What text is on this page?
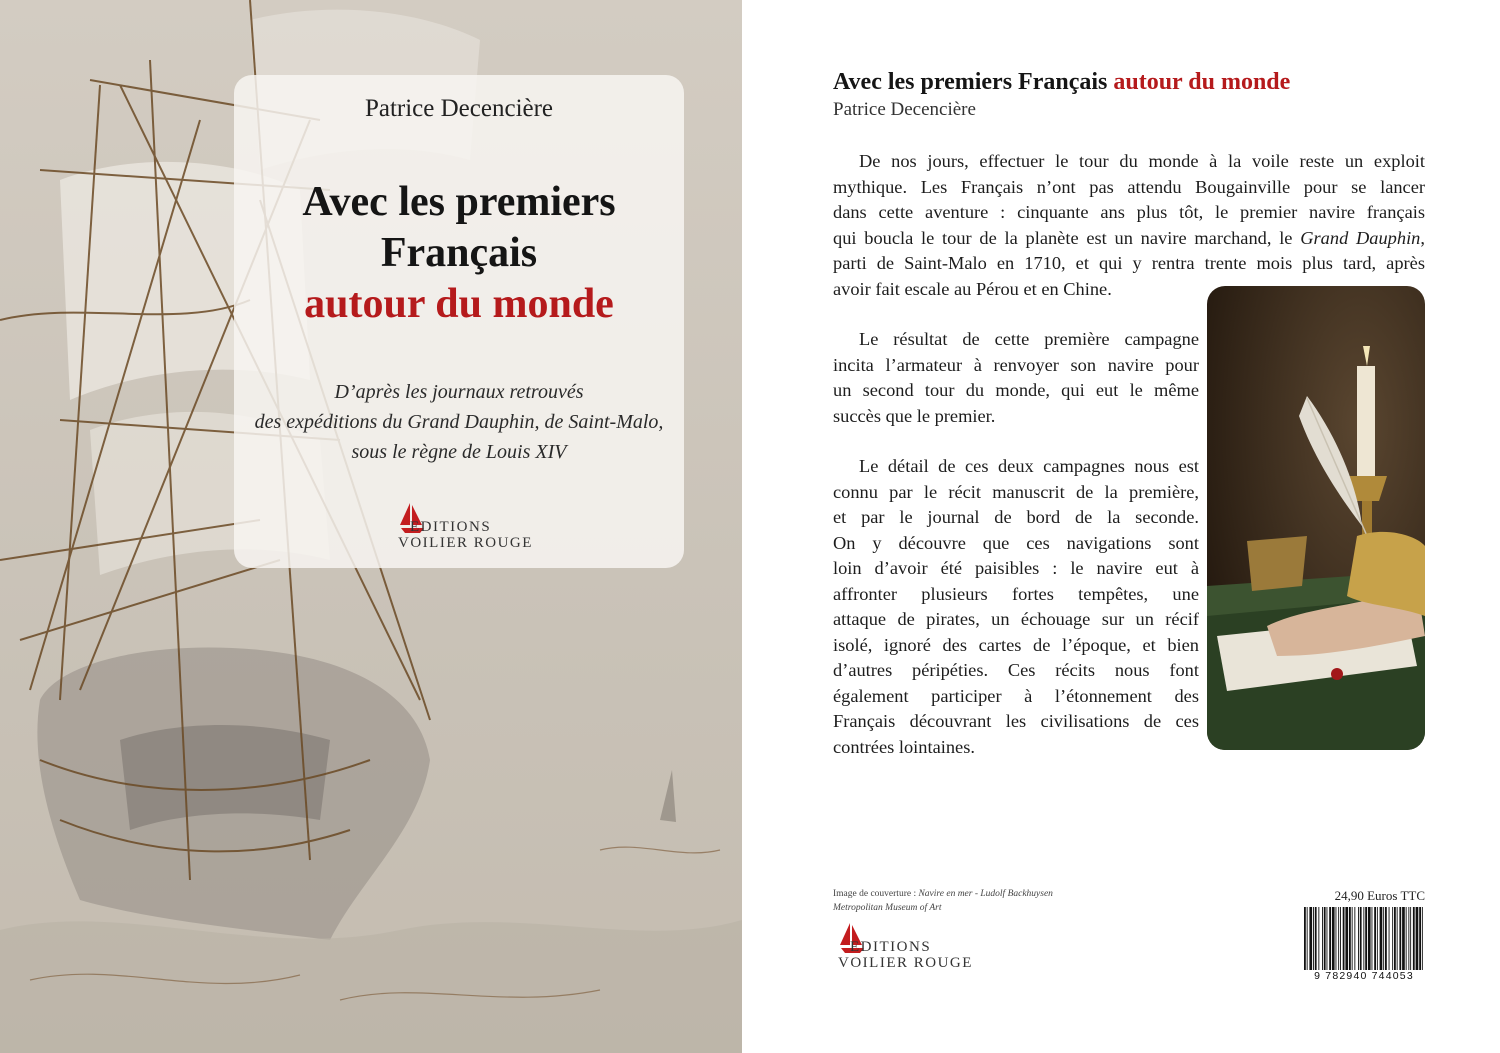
Patrice Decencière
Avec les premiers
Français
autour du monde
D’après les journaux retrouvés
des expéditions du Grand Dauphin, de Saint-Malo,
sous le règne de Louis XIV
EDITIONS
VOILIER ROUGE
Avec les premiers Français autour du monde
Patrice Decencière
De nos jours, effectuer le tour du monde à la voile reste un exploit
mythique. Les Français n’ont pas attendu Bougainville pour se lancer
dans cette aventure : cinquante ans plus tôt, le premier navire français
qui boucla le tour de la planète est un navire marchand, le Grand Dauphin,
parti de Saint-Malo en 1710, et qui y rentra trente mois plus tard, après
avoir fait escale au Pérou et en Chine.
Le résultat de cette première campagne
incita l’armateur à renvoyer son navire pour
un second tour du monde, qui eut le même
succès que le premier.
Le détail de ces deux campagnes nous est
connu par le récit manuscrit de la première,
et par le journal de bord de la seconde.
On y découvre que ces navigations sont
loin d’avoir été paisibles : le navire eut à
affronter plusieurs fortes tempêtes, une
attaque de pirates, un échouage sur un récif
isolé, ignoré des cartes de l’époque, et bien
d’autres péripéties. Ces récits nous font
également participer à l’étonnement des
Français découvrant les civilisations de ces
contrées lointaines.
Image de couverture : Navire en mer - Ludolf Backhuysen
Metropolitan Museum of Art
EDITIONS
VOILIER ROUGE
24,90 Euros TTC
9 782940 744053
